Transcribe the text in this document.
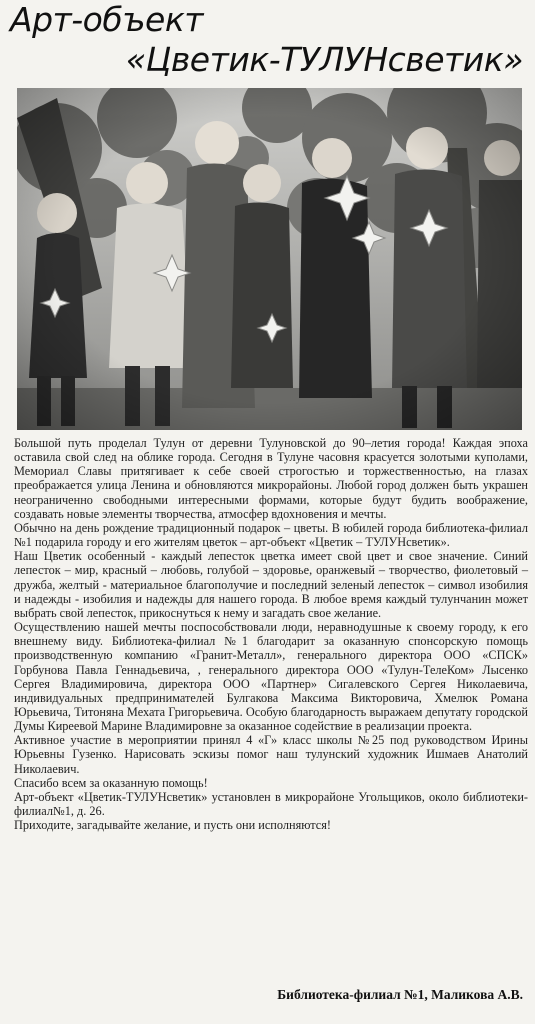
Арт-объект
«Цветик-ТУЛУНсветик»

Большой путь проделал Тулун от деревни Тулуновской до 90–летия города! Каждая эпоха оставила свой след на облике города. Сегодня в Тулуне часовня красуется золотыми куполами, Мемориал Славы притягивает к себе своей строгостью и торжественностью, на глазах преображается улица Ленина и обновляются микрорайоны. Любой город должен быть украшен неограниченно свободными интересными формами, которые будут будить воображение, создавать новые элементы творчества, атмосфер вдохновения и мечты.

Обычно на день рождение традиционный подарок – цветы. В юбилей города библиотека-филиал №1 подарила городу и его жителям цветок – арт-объект «Цветик – ТУЛУНсветик».

Наш Цветик особенный - каждый лепесток цветка имеет свой цвет и свое значение. Синий лепесток – мир, красный – любовь, голубой – здоровье, оранжевый – творчество, фиолетовый – дружба, желтый - материальное благополучие и последний зеленый лепесток – символ изобилия и надежды - изобилия и надежды для нашего города. В любое время каждый тулунчанин может выбрать свой лепесток, прикоснуться к нему и загадать свое желание.

Осуществлению нашей мечты поспособствовали люди, неравнодушные к своему городу, к его внешнему виду. Библиотека-филиал №1 благодарит за оказанную спонсорскую помощь производственную компанию «Гранит-Металл», генерального директора ООО «СПСК» Горбунова Павла Геннадьевича, , генерального директора ООО «Тулун-ТелеКом» Лысенко Сергея Владимировича, директора ООО «Партнер» Сигалевского Сергея Николаевича, индивидуальных предпринимателей Булгакова Максима Викторовича, Хмелюк Романа Юрьевича, Титоняна Мехата Григорьевича. Особую благодарность выражаем депутату городской Думы Киреевой Марине Владимировне за оказанное содействие в реализации проекта.

Активное участие в мероприятии принял 4 «Г» класс школы №25 под руководством Ирины Юрьевны Гузенко. Нарисовать эскизы помог наш тулунский художник Ишмаев Анатолий Николаевич.

Спасибо всем за оказанную помощь!

Арт-объект «Цветик-ТУЛУНсветик» установлен в микрорайоне Угольщиков, около библиотеки-филиал№1, д. 26.

Приходите, загадывайте желание, и пусть они исполняются!

Библиотека-филиал №1, Маликова А.В.
